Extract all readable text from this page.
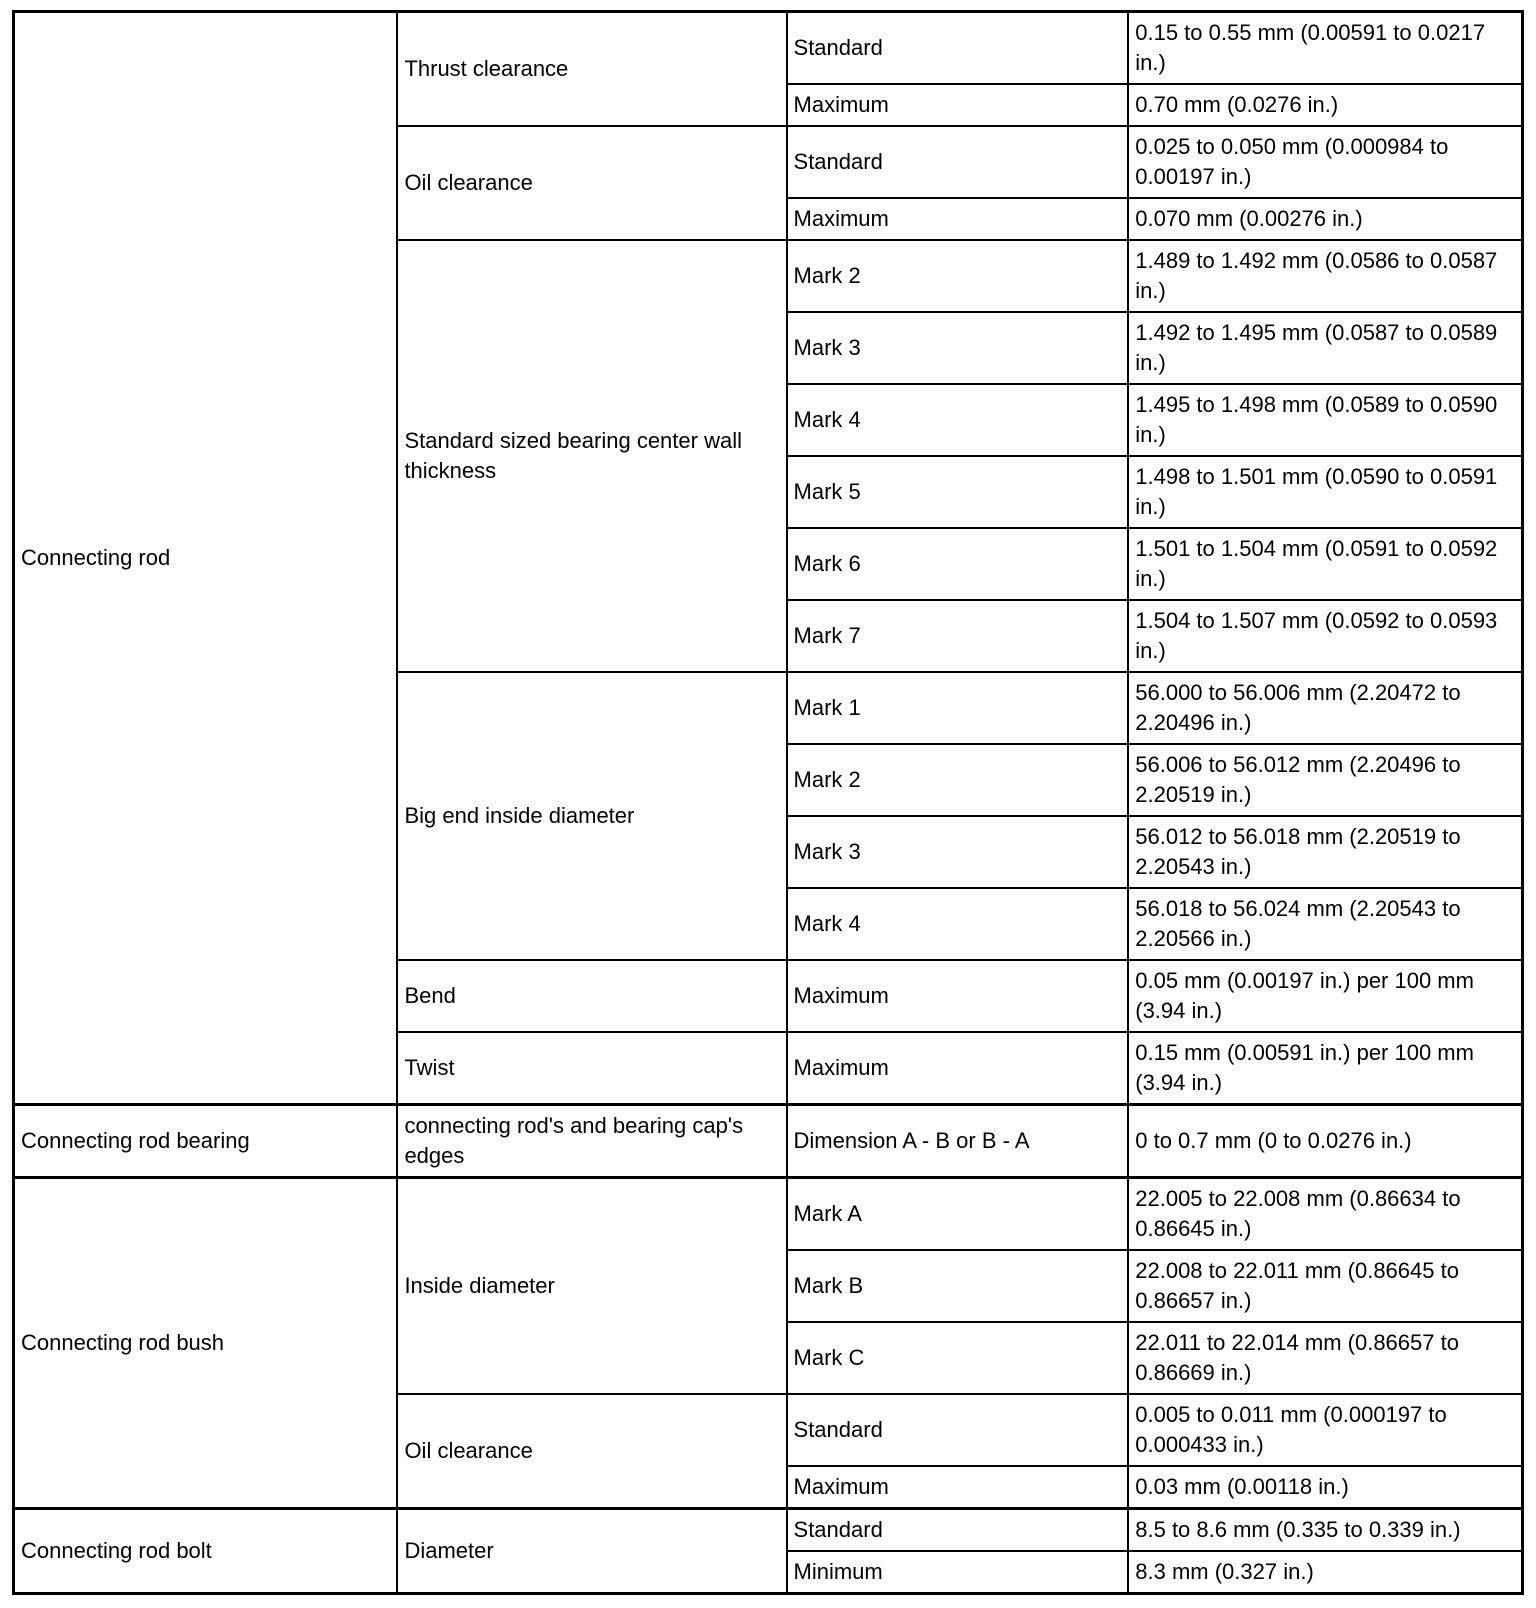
Connecting rod	Thrust clearance	Standard	0.15 to 0.55 mm (0.00591 to 0.0217 in.)
		Maximum	0.70 mm (0.0276 in.)
	Oil clearance	Standard	0.025 to 0.050 mm (0.000984 to 0.00197 in.)
		Maximum	0.070 mm (0.00276 in.)
	Standard sized bearing center wall thickness	Mark 2	1.489 to 1.492 mm (0.0586 to 0.0587 in.)
		Mark 3	1.492 to 1.495 mm (0.0587 to 0.0589 in.)
		Mark 4	1.495 to 1.498 mm (0.0589 to 0.0590 in.)
		Mark 5	1.498 to 1.501 mm (0.0590 to 0.0591 in.)
		Mark 6	1.501 to 1.504 mm (0.0591 to 0.0592 in.)
		Mark 7	1.504 to 1.507 mm (0.0592 to 0.0593 in.)
	Big end inside diameter	Mark 1	56.000 to 56.006 mm (2.20472 to 2.20496 in.)
		Mark 2	56.006 to 56.012 mm (2.20496 to 2.20519 in.)
		Mark 3	56.012 to 56.018 mm (2.20519 to 2.20543 in.)
		Mark 4	56.018 to 56.024 mm (2.20543 to 2.20566 in.)
	Bend	Maximum	0.05 mm (0.00197 in.) per 100 mm (3.94 in.)
	Twist	Maximum	0.15 mm (0.00591 in.) per 100 mm (3.94 in.)
Connecting rod bearing	connecting rod's and bearing cap's edges	Dimension A - B or B - A	0 to 0.7 mm (0 to 0.0276 in.)
Connecting rod bush	Inside diameter	Mark A	22.005 to 22.008 mm (0.86634 to 0.86645 in.)
		Mark B	22.008 to 22.011 mm (0.86645 to 0.86657 in.)
		Mark C	22.011 to 22.014 mm (0.86657 to 0.86669 in.)
	Oil clearance	Standard	0.005 to 0.011 mm (0.000197 to 0.000433 in.)
		Maximum	0.03 mm (0.00118 in.)
Connecting rod bolt	Diameter	Standard	8.5 to 8.6 mm (0.335 to 0.339 in.)
		Minimum	8.3 mm (0.327 in.)
